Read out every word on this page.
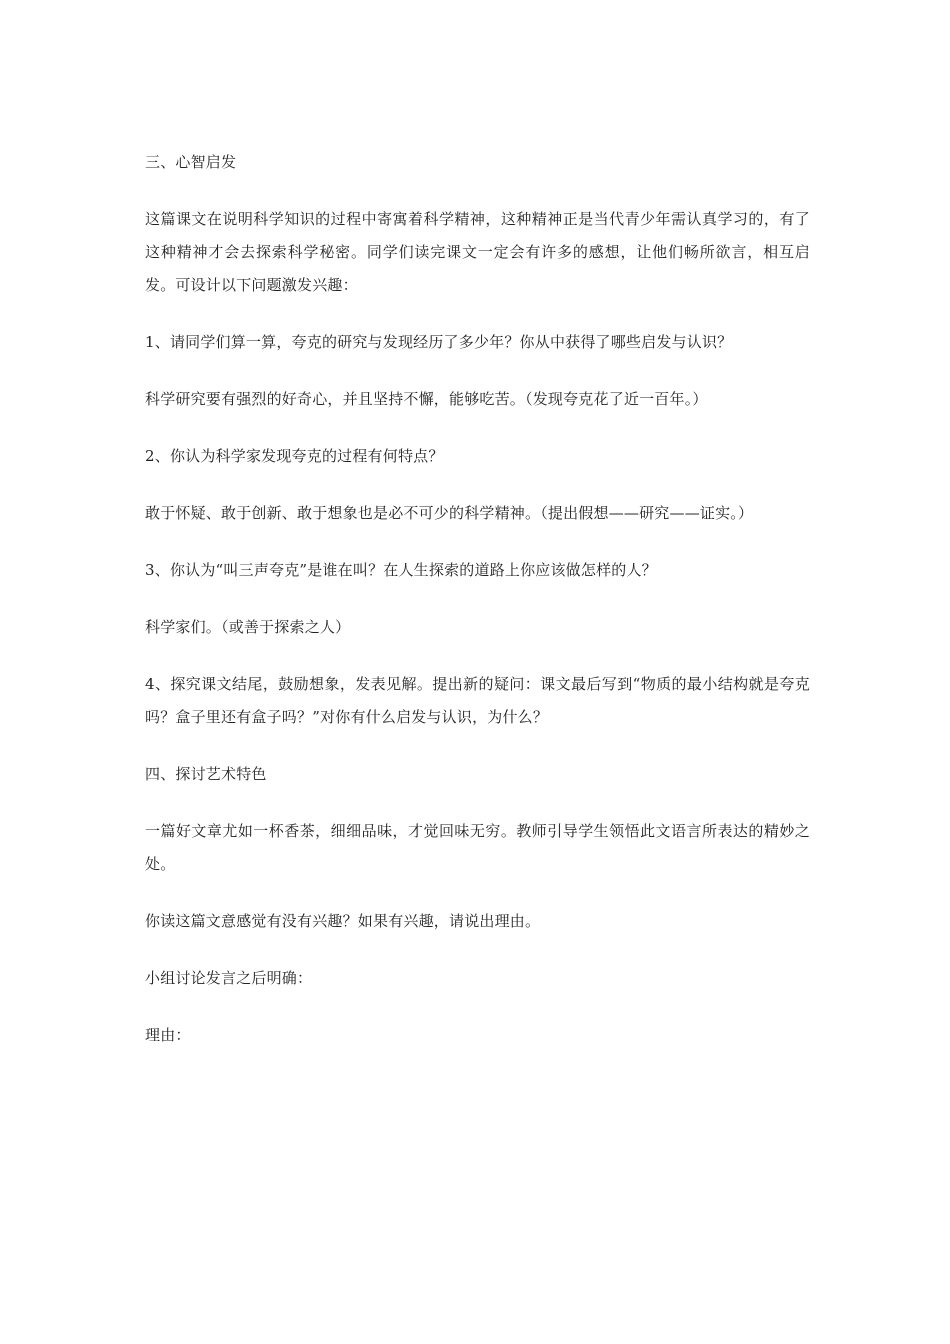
三、心智启发

这篇课文在说明科学知识的过程中寄寓着科学精神，这种精神正是当代青少年需认真学习的，有了这种精神才会去探索科学秘密。同学们读完课文一定会有许多的感想，让他们畅所欲言，相互启发。可设计以下问题激发兴趣：

1、请同学们算一算，夸克的研究与发现经历了多少年？你从中获得了哪些启发与认识？

科学研究要有强烈的好奇心，并且坚持不懈，能够吃苦。（发现夸克花了近一百年。）

2、你认为科学家发现夸克的过程有何特点？

敢于怀疑、敢于创新、敢于想象也是必不可少的科学精神。（提出假想——研究——证实。）

3、你认为“叫三声夸克”是谁在叫？在人生探索的道路上你应该做怎样的人？

科学家们。（或善于探索之人）

4、探究课文结尾，鼓励想象，发表见解。提出新的疑问：课文最后写到“物质的最小结构就是夸克吗？盒子里还有盒子吗？”对你有什么启发与认识，为什么？

四、探讨艺术特色

一篇好文章尤如一杯香茶，细细品味，才觉回味无穷。教师引导学生领悟此文语言所表达的精妙之处。

你读这篇文意感觉有没有兴趣？如果有兴趣，请说出理由。

小组讨论发言之后明确：

理由：
